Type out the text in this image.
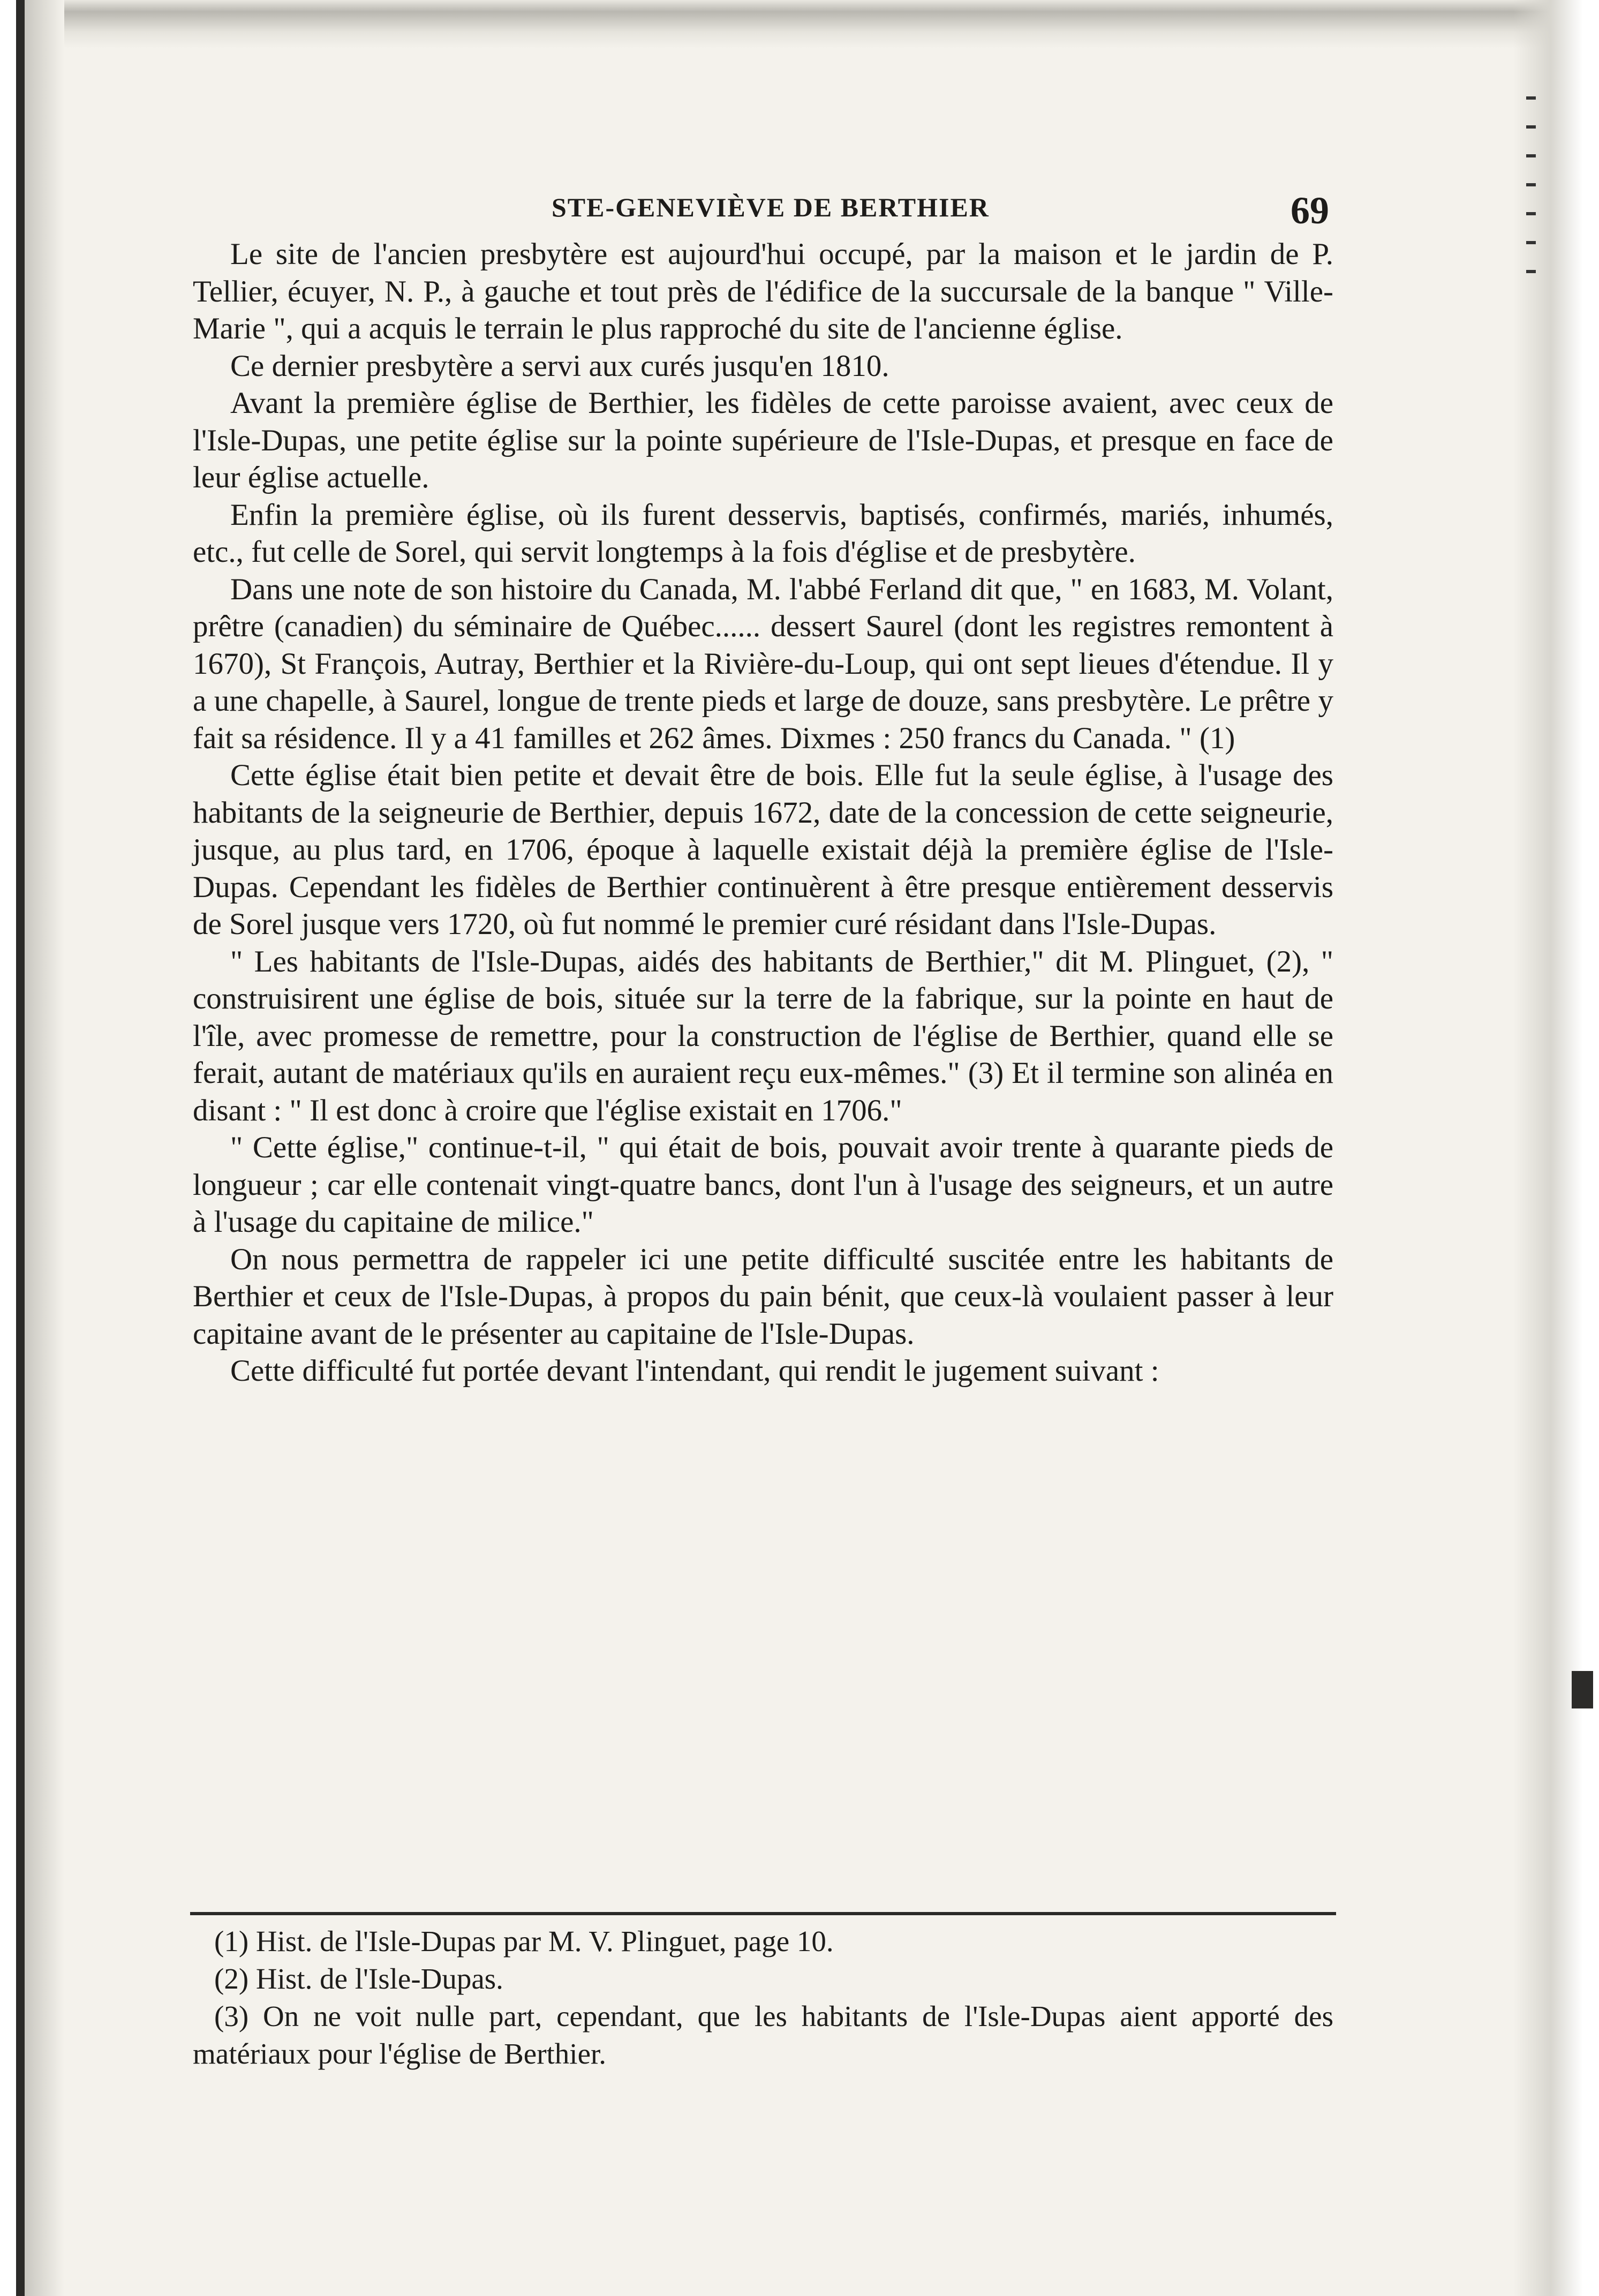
STE-GENEVIÈVE DE BERTHIER	69

Le site de l'ancien presbytère est aujourd'hui occupé, par la maison et le jardin de P. Tellier, écuyer, N. P., à gauche et tout près de l'édifice de la succursale de la banque " Ville-Marie ", qui a acquis le terrain le plus rapproché du site de l'ancienne église.

Ce dernier presbytère a servi aux curés jusqu'en 1810.

Avant la première église de Berthier, les fidèles de cette paroisse avaient, avec ceux de l'Isle-Dupas, une petite église sur la pointe supérieure de l'Isle-Dupas, et presque en face de leur église actuelle.

Enfin la première église, où ils furent desservis, baptisés, confirmés, mariés, inhumés, etc., fut celle de Sorel, qui servit longtemps à la fois d'église et de presbytère.

Dans une note de son histoire du Canada, M. l'abbé Ferland dit que, " en 1683, M. Volant, prêtre (canadien) du séminaire de Québec...... dessert Saurel (dont les registres remontent à 1670), St François, Autray, Berthier et la Rivière-du-Loup, qui ont sept lieues d'étendue. Il y a une chapelle, à Saurel, longue de trente pieds et large de douze, sans presbytère. Le prêtre y fait sa résidence. Il y a 41 familles et 262 âmes. Dixmes : 250 francs du Canada. " (1)

Cette église était bien petite et devait être de bois. Elle fut la seule église, à l'usage des habitants de la seigneurie de Berthier, depuis 1672, date de la concession de cette seigneurie, jusque, au plus tard, en 1706, époque à laquelle existait déjà la première église de l'Isle-Dupas. Cependant les fidèles de Berthier continuèrent à être presque entièrement desservis de Sorel jusque vers 1720, où fut nommé le premier curé résidant dans l'Isle-Dupas.

" Les habitants de l'Isle-Dupas, aidés des habitants de Berthier," dit M. Plinguet, (2), " construisirent une église de bois, située sur la terre de la fabrique, sur la pointe en haut de l'île, avec promesse de remettre, pour la construction de l'église de Berthier, quand elle se ferait, autant de matériaux qu'ils en auraient reçu eux-mêmes." (3) Et il termine son alinéa en disant : " Il est donc à croire que l'église existait en 1706."

" Cette église," continue-t-il, " qui était de bois, pouvait avoir trente à quarante pieds de longueur ; car elle contenait vingt-quatre bancs, dont l'un à l'usage des seigneurs, et un autre à l'usage du capitaine de milice."

On nous permettra de rappeler ici une petite difficulté suscitée entre les habitants de Berthier et ceux de l'Isle-Dupas, à propos du pain bénit, que ceux-là voulaient passer à leur capitaine avant de le présenter au capitaine de l'Isle-Dupas.

Cette difficulté fut portée devant l'intendant, qui rendit le jugement suivant :

(1) Hist. de l'Isle-Dupas par M. V. Plinguet, page 10.

(2) Hist. de l'Isle-Dupas.

(3) On ne voit nulle part, cependant, que les habitants de l'Isle-Dupas aient apporté des matériaux pour l'église de Berthier.
